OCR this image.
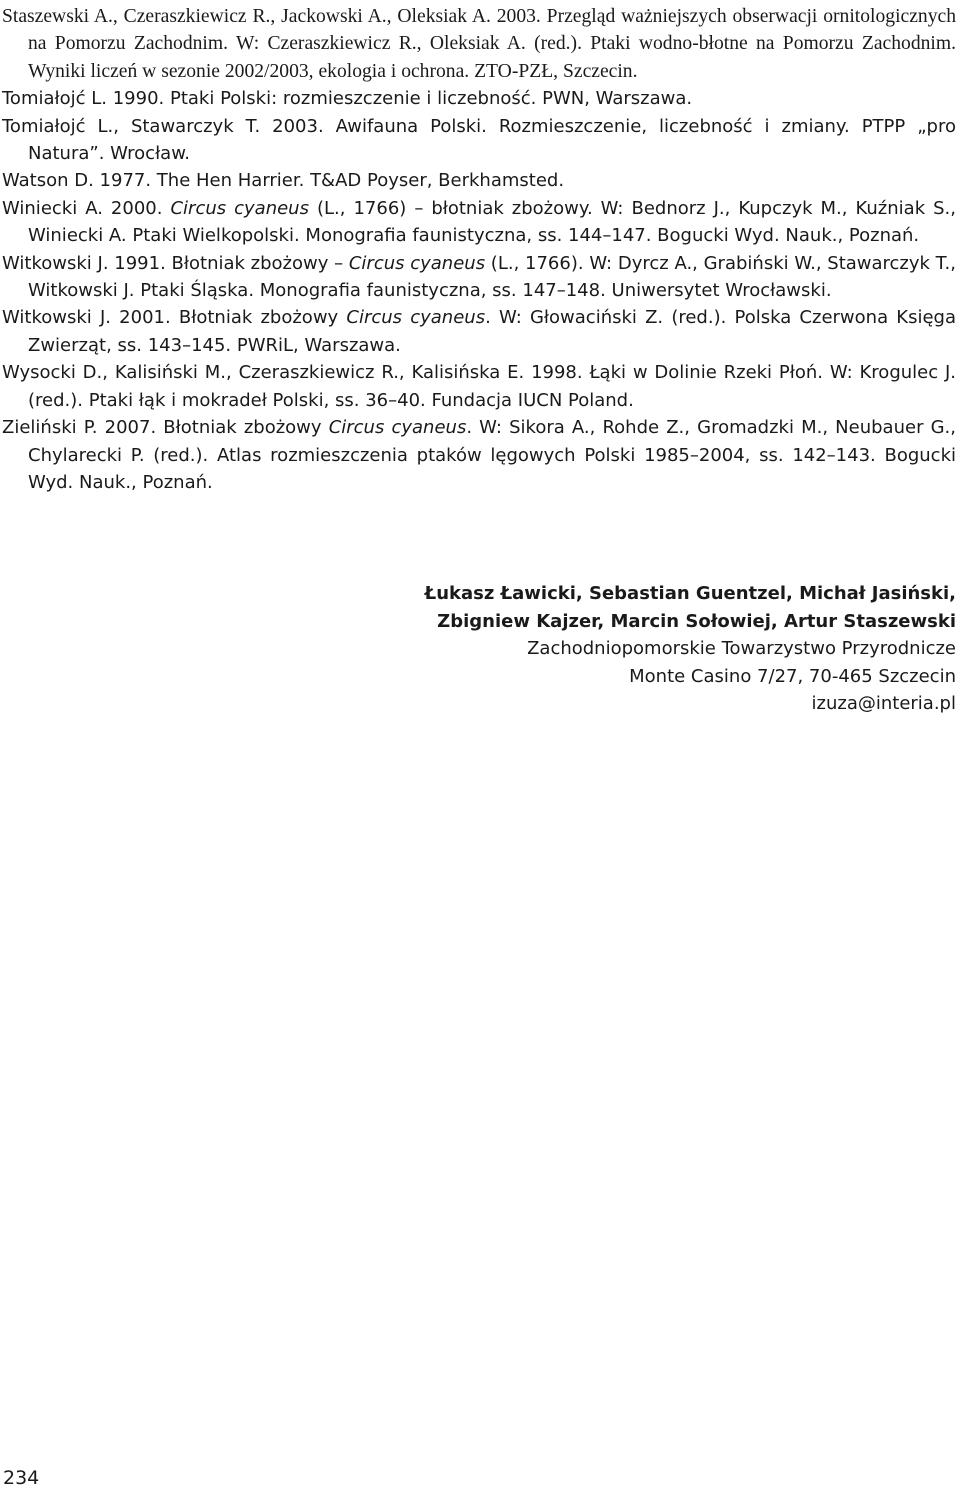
Staszewski A., Czeraszkiewicz R., Jackowski A., Oleksiak A. 2003. Przegląd ważniejszych obserwacji ornitologicznych na Pomorzu Zachodnim. W: Czeraszkiewicz R., Oleksiak A. (red.). Ptaki wodno-błotne na Pomorzu Zachodnim. Wyniki liczeń w sezonie 2002/2003, ekologia i ochrona. ZTO-PZŁ, Szczecin.
Tomiałojć L. 1990. Ptaki Polski: rozmieszczenie i liczebność. PWN, Warszawa.
Tomiałojć L., Stawarczyk T. 2003. Awifauna Polski. Rozmieszczenie, liczebność i zmiany. PTPP „pro Natura”. Wrocław.
Watson D. 1977. The Hen Harrier. T&AD Poyser, Berkhamsted.
Winiecki A. 2000. Circus cyaneus (L., 1766) – błotniak zbożowy. W: Bednorz J., Kupczyk M., Kuźniak S., Winiecki A. Ptaki Wielkopolski. Monografia faunistyczna, ss. 144–147. Bogucki Wyd. Nauk., Poznań.
Witkowski J. 1991. Błotniak zbożowy – Circus cyaneus (L., 1766). W: Dyrcz A., Grabiński W., Stawarczyk T., Witkowski J. Ptaki Śląska. Monografia faunistyczna, ss. 147–148. Uniwersytet Wrocławski.
Witkowski J. 2001. Błotniak zbożowy Circus cyaneus. W: Głowaciński Z. (red.). Polska Czerwona Księga Zwierząt, ss. 143–145. PWRiL, Warszawa.
Wysocki D., Kalisiński M., Czeraszkiewicz R., Kalisińska E. 1998. Łąki w Dolinie Rzeki Płoń. W: Krogulec J. (red.). Ptaki łąk i mokradeł Polski, ss. 36–40. Fundacja IUCN Poland.
Zieliński P. 2007. Błotniak zbożowy Circus cyaneus. W: Sikora A., Rohde Z., Gromadzki M., Neubauer G., Chylarecki P. (red.). Atlas rozmieszczenia ptaków lęgowych Polski 1985–2004, ss. 142–143. Bogucki Wyd. Nauk., Poznań.
Łukasz Ławicki, Sebastian Guentzel, Michał Jasiński,
Zbigniew Kajzer, Marcin Sołowiej, Artur Staszewski
Zachodniopomorskie Towarzystwo Przyrodnicze
Monte Casino 7/27, 70-465 Szczecin
izuza@interia.pl
234
